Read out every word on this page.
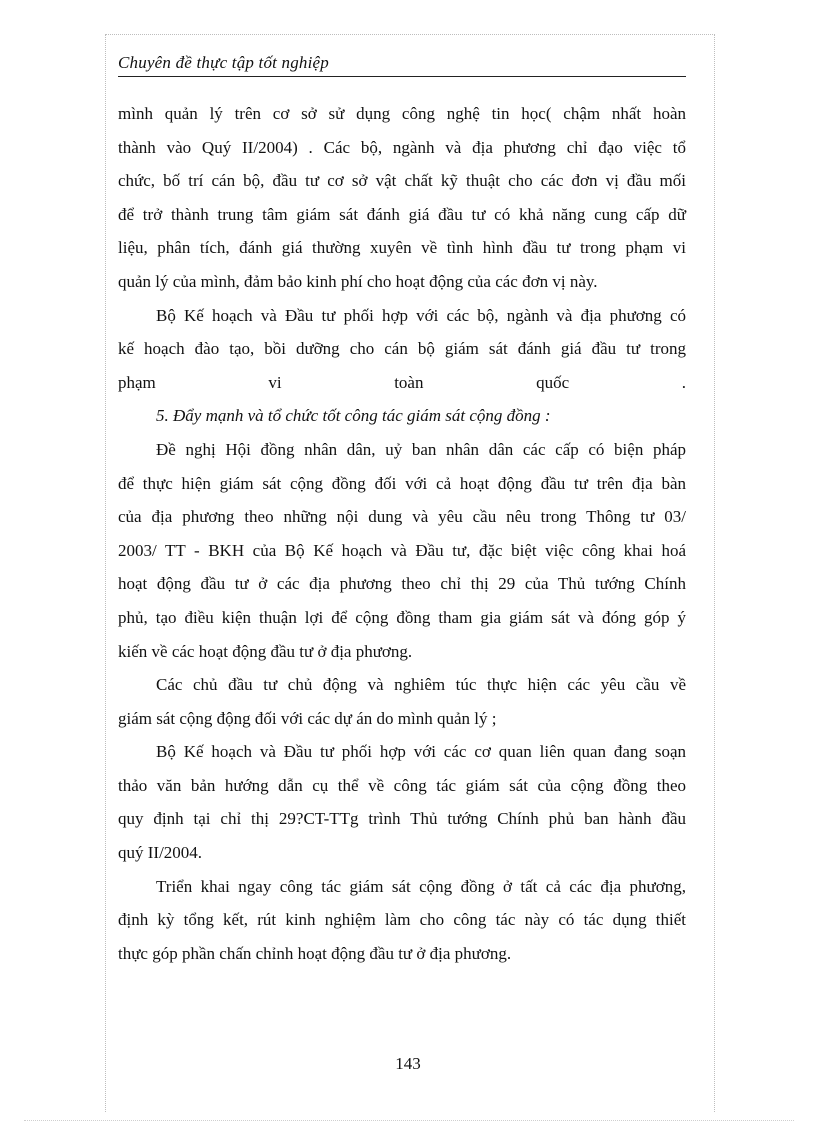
Chuyên đề thực tập tốt nghiệp
mình quản lý trên cơ sở sử dụng công nghệ tin học( chậm nhất hoàn
thành vào Quý II/2004) . Các bộ, ngành và địa phương chỉ đạo việc tổ
chức, bố trí cán bộ, đầu tư cơ sở vật chất kỹ thuật cho các đơn vị đầu mối
để trở thành trung tâm giám sát đánh giá đầu tư có khả năng cung cấp dữ
liệu, phân tích, đánh giá thường xuyên về tình hình đầu tư trong phạm vi
quản lý của mình, đảm bảo kinh phí cho hoạt động của các đơn vị này.
Bộ Kế hoạch và Đầu tư phối hợp với các bộ, ngành và địa phương có
kế hoạch đào tạo, bồi dưỡng cho cán bộ giám sát đánh giá đầu tư trong
phạm	vi	toàn	quốc	.
5. Đẩy mạnh và tổ chức tốt công tác giám sát cộng đồng :
Đề nghị Hội đồng nhân dân, uỷ ban nhân dân các cấp có biện pháp
để thực hiện giám sát cộng đồng đối với cả hoạt động đầu tư trên địa bàn
của địa phương theo những nội dung và yêu cầu nêu trong Thông tư 03/
2003/ TT - BKH của Bộ Kế hoạch và Đầu tư, đặc biệt việc công khai hoá
hoạt động đầu tư ở các địa phương theo chỉ thị 29 của Thủ tướng Chính
phủ, tạo điều kiện thuận lợi để cộng đồng tham gia giám sát và đóng góp ý
kiến về các hoạt động đầu tư ở địa phương.
Các chủ đầu tư chủ động và nghiêm túc thực hiện các yêu cầu về
giám sát cộng động đối với các dự án do mình quản lý ;
Bộ Kế hoạch và Đầu tư phối hợp với các cơ quan liên quan đang soạn
thảo văn bản hướng dẫn cụ thể về công tác giám sát của cộng đồng theo
quy định tại chỉ thị 29?CT-TTg trình Thủ tướng Chính phủ ban hành đầu
quý II/2004.
Triển khai ngay công tác giám sát cộng đồng ở tất cả các địa phương,
định kỳ tổng kết, rút kinh nghiệm làm cho công tác này có tác dụng thiết
thực góp phần chấn chỉnh hoạt động đầu tư ở địa phương.
143
